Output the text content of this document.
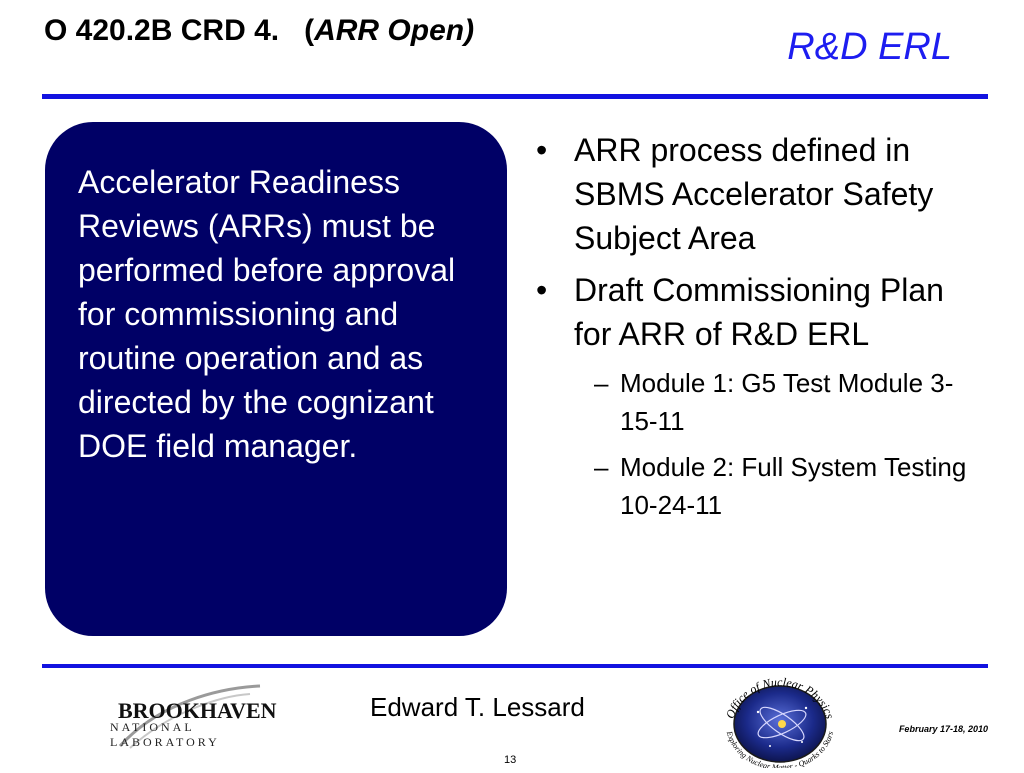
O 420.2B CRD 4.   (ARR Open)	R&D ERL

Accelerator Readiness Reviews (ARRs) must be performed before approval for commissioning and routine operation and as directed by the cognizant DOE field manager.

• ARR process defined in SBMS Accelerator Safety Subject Area
• Draft Commissioning Plan for ARR of R&D ERL
– Module 1: G5 Test Module 3-15-11
– Module 2: Full System Testing 10-24-11
BROOKHAVEN
NATIONAL LABORATORY
Edward T. Lessard	Office of Nuclear Physics
Exploring Nuclear Matter - Quarks to Stars	February 17-18, 2010
13
